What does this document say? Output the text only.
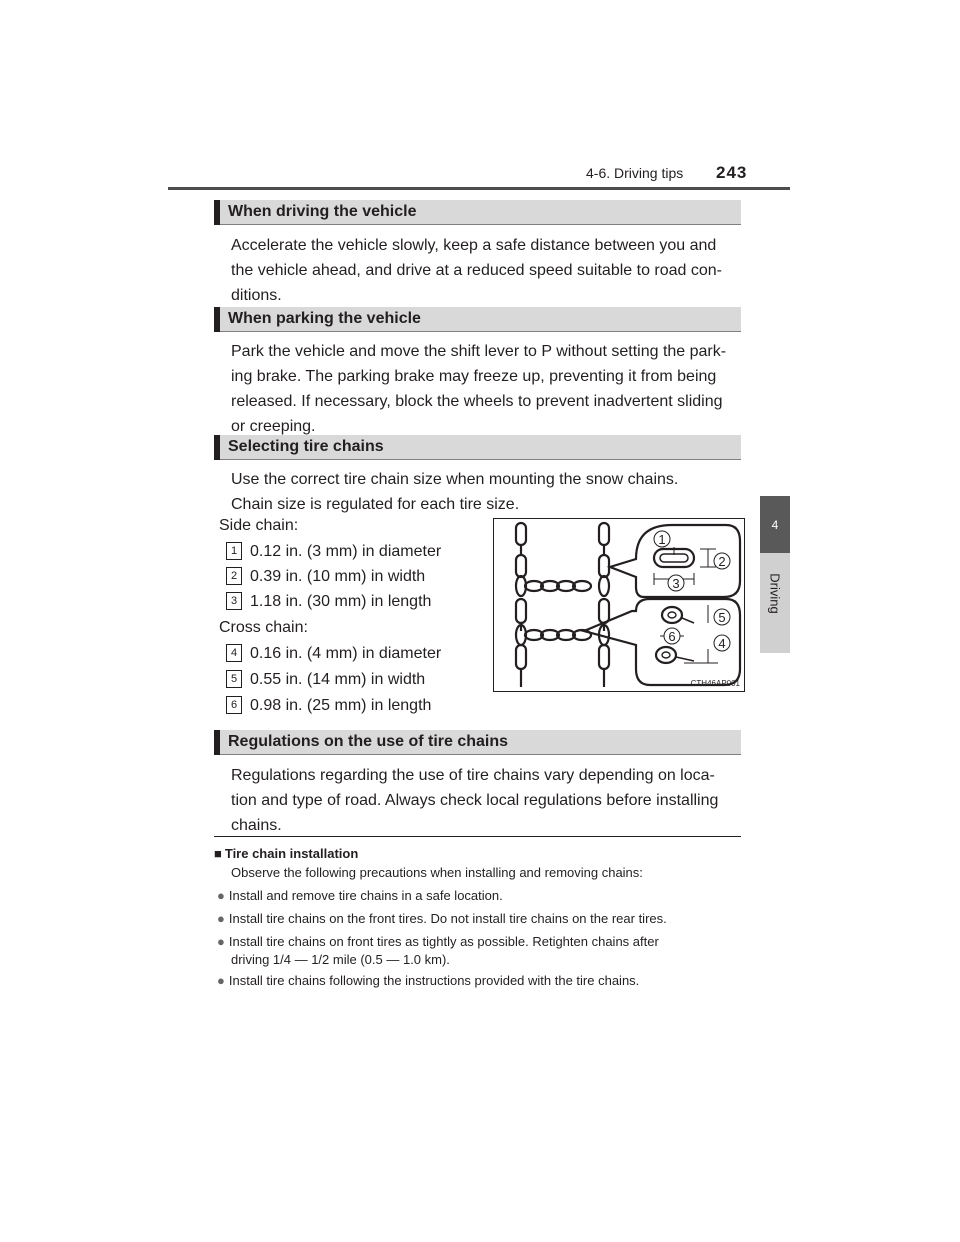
4-6. Driving tips 243
4
Driving
When driving the vehicle
Accelerate the vehicle slowly, keep a safe distance between you and
the vehicle ahead, and drive at a reduced speed suitable to road con-
ditions.
When parking the vehicle
Park the vehicle and move the shift lever to P without setting the park-
ing brake. The parking brake may freeze up, preventing it from being
released. If necessary, block the wheels to prevent inadvertent sliding
or creeping.
Selecting tire chains
Use the correct tire chain size when mounting the snow chains.
Chain size is regulated for each tire size.
Side chain:
1 0.12 in. (3 mm) in diameter
2 0.39 in. (10 mm) in width
3 1.18 in. (30 mm) in length
Cross chain:
4 0.16 in. (4 mm) in diameter
5 0.55 in. (14 mm) in width
6 0.98 in. (25 mm) in length
1
2
3
5
6	4
CTH46AP001
Regulations on the use of tire chains
Regulations regarding the use of tire chains vary depending on loca-
tion and type of road. Always check local regulations before installing
chains.
■ Tire chain installation
Observe the following precautions when installing and removing chains:
● Install and remove tire chains in a safe location.
● Install tire chains on the front tires. Do not install tire chains on the rear tires.
● Install tire chains on front tires as tightly as possible. Retighten chains after
driving 1/4 — 1/2 mile (0.5 — 1.0 km).
● Install tire chains following the instructions provided with the tire chains.
